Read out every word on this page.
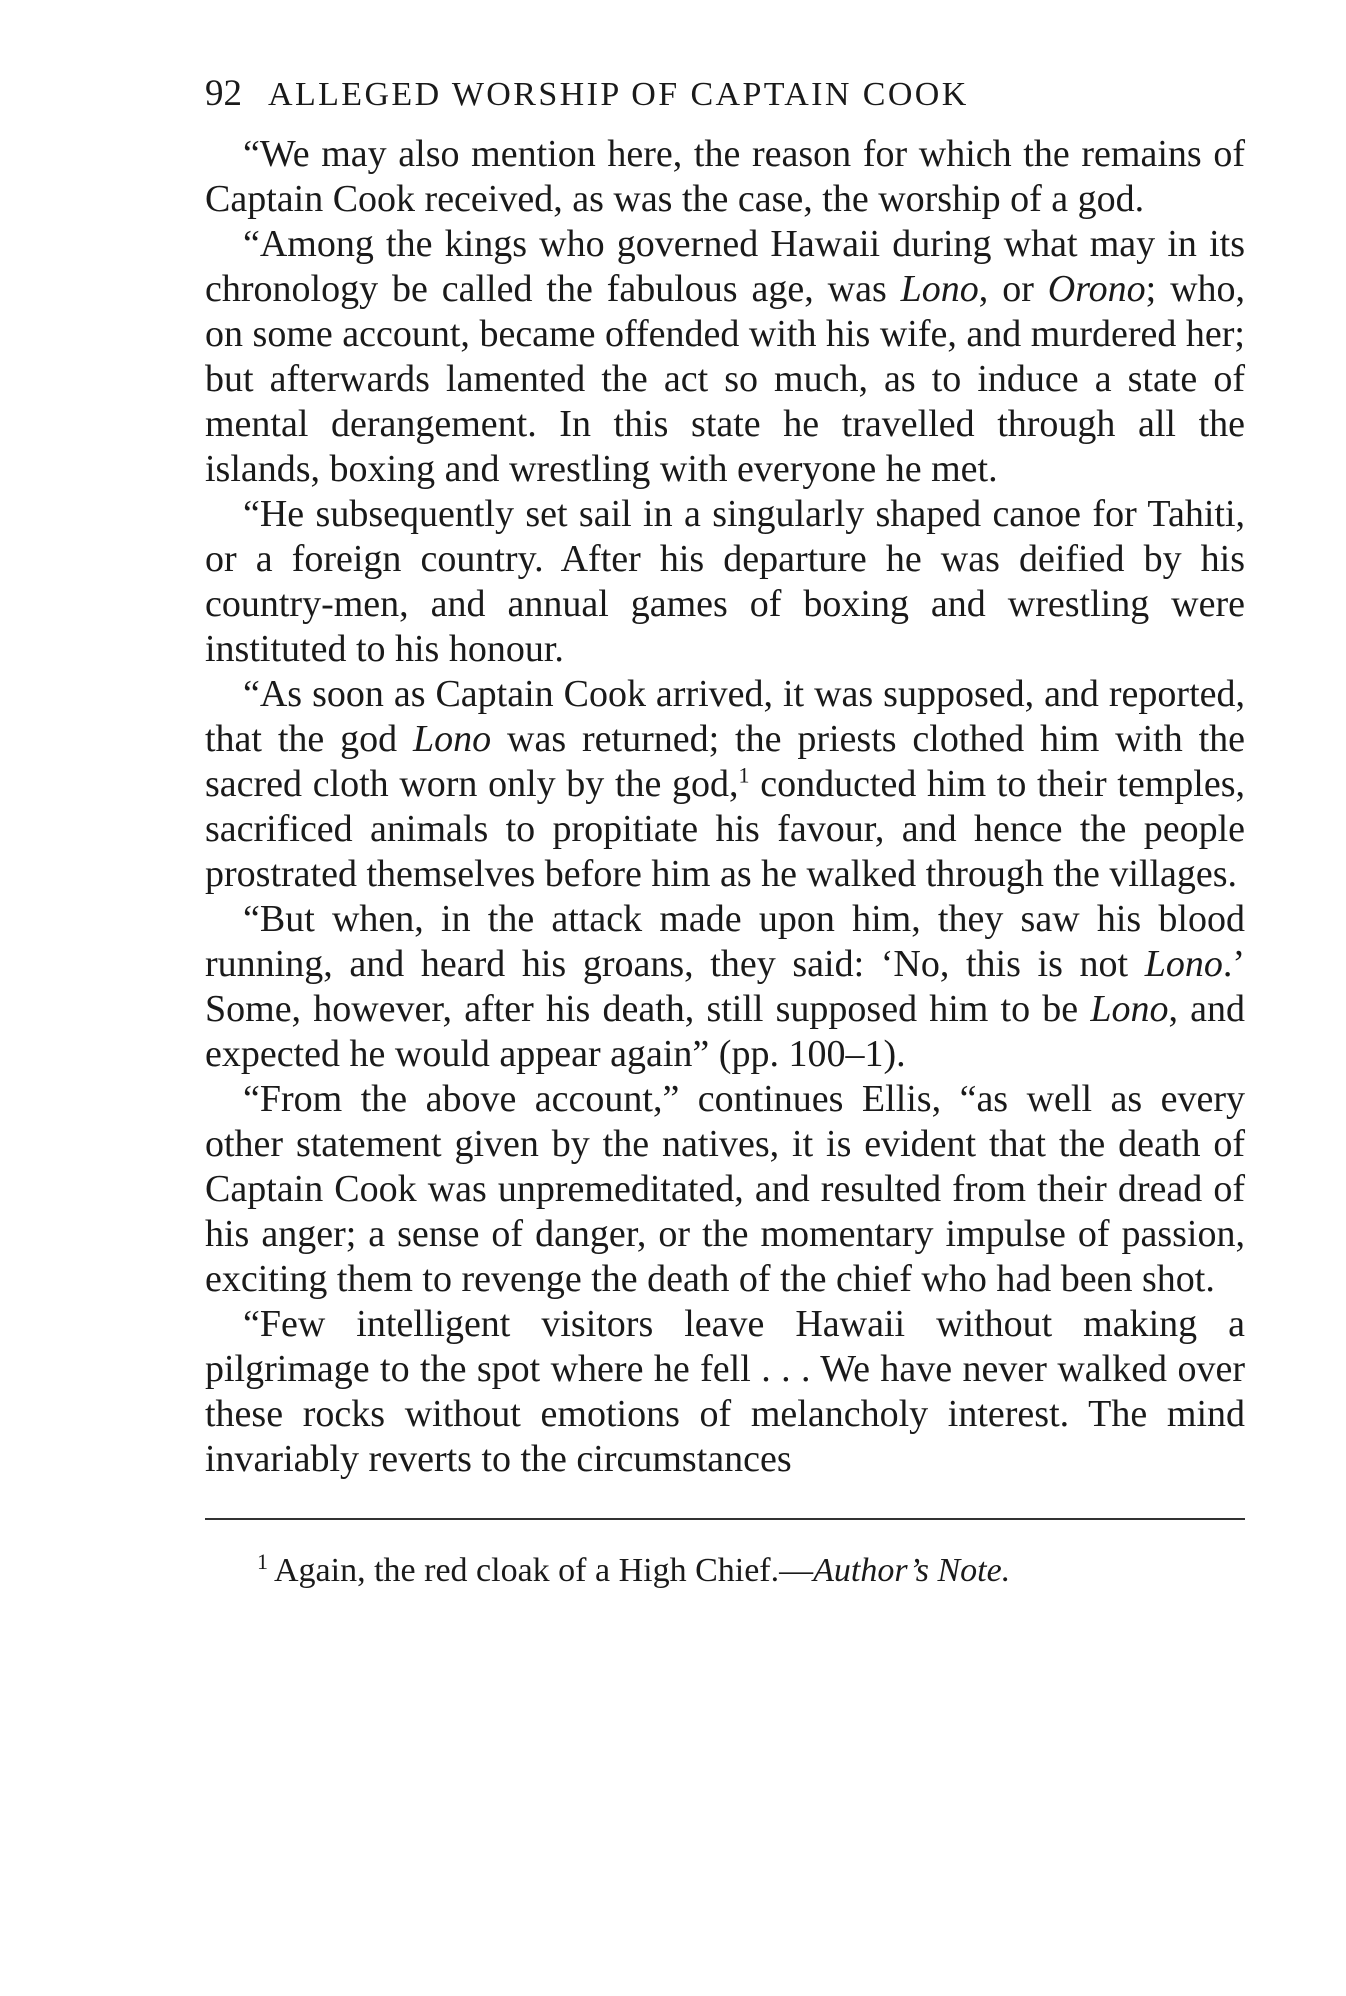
92 ALLEGED WORSHIP OF CAPTAIN COOK

“We may also mention here, the reason for which the remains of Captain Cook received, as was the case, the worship of a god.

“Among the kings who governed Hawaii during what may in its chronology be called the fabulous age, was Lono, or Orono; who, on some account, became offended with his wife, and murdered her; but afterwards lamented the act so much, as to induce a state of mental derangement. In this state he travelled through all the islands, boxing and wrestling with everyone he met.

“He subsequently set sail in a singularly shaped canoe for Tahiti, or a foreign country. After his departure he was deified by his country-men, and annual games of boxing and wrestling were instituted to his honour.

“As soon as Captain Cook arrived, it was supposed, and reported, that the god Lono was returned; the priests clothed him with the sacred cloth worn only by the god,$^1$ conducted him to their temples, sacrificed animals to propitiate his favour, and hence the people prostrated themselves before him as he walked through the villages.

“But when, in the attack made upon him, they saw his blood running, and heard his groans, they said: ‘No, this is not Lono.’ Some, however, after his death, still supposed him to be Lono, and expected he would appear again” (pp. 100–1).

“From the above account,” continues Ellis, “as well as every other statement given by the natives, it is evident that the death of Captain Cook was unpremeditated, and resulted from their dread of his anger; a sense of danger, or the momentary impulse of passion, exciting them to revenge the death of the chief who had been shot.

“Few intelligent visitors leave Hawaii without making a pilgrimage to the spot where he fell . . . We have never walked over these rocks without emotions of melancholy interest. The mind invariably reverts to the circumstances

$^1$ Again, the red cloak of a High Chief.—Author’s Note.
